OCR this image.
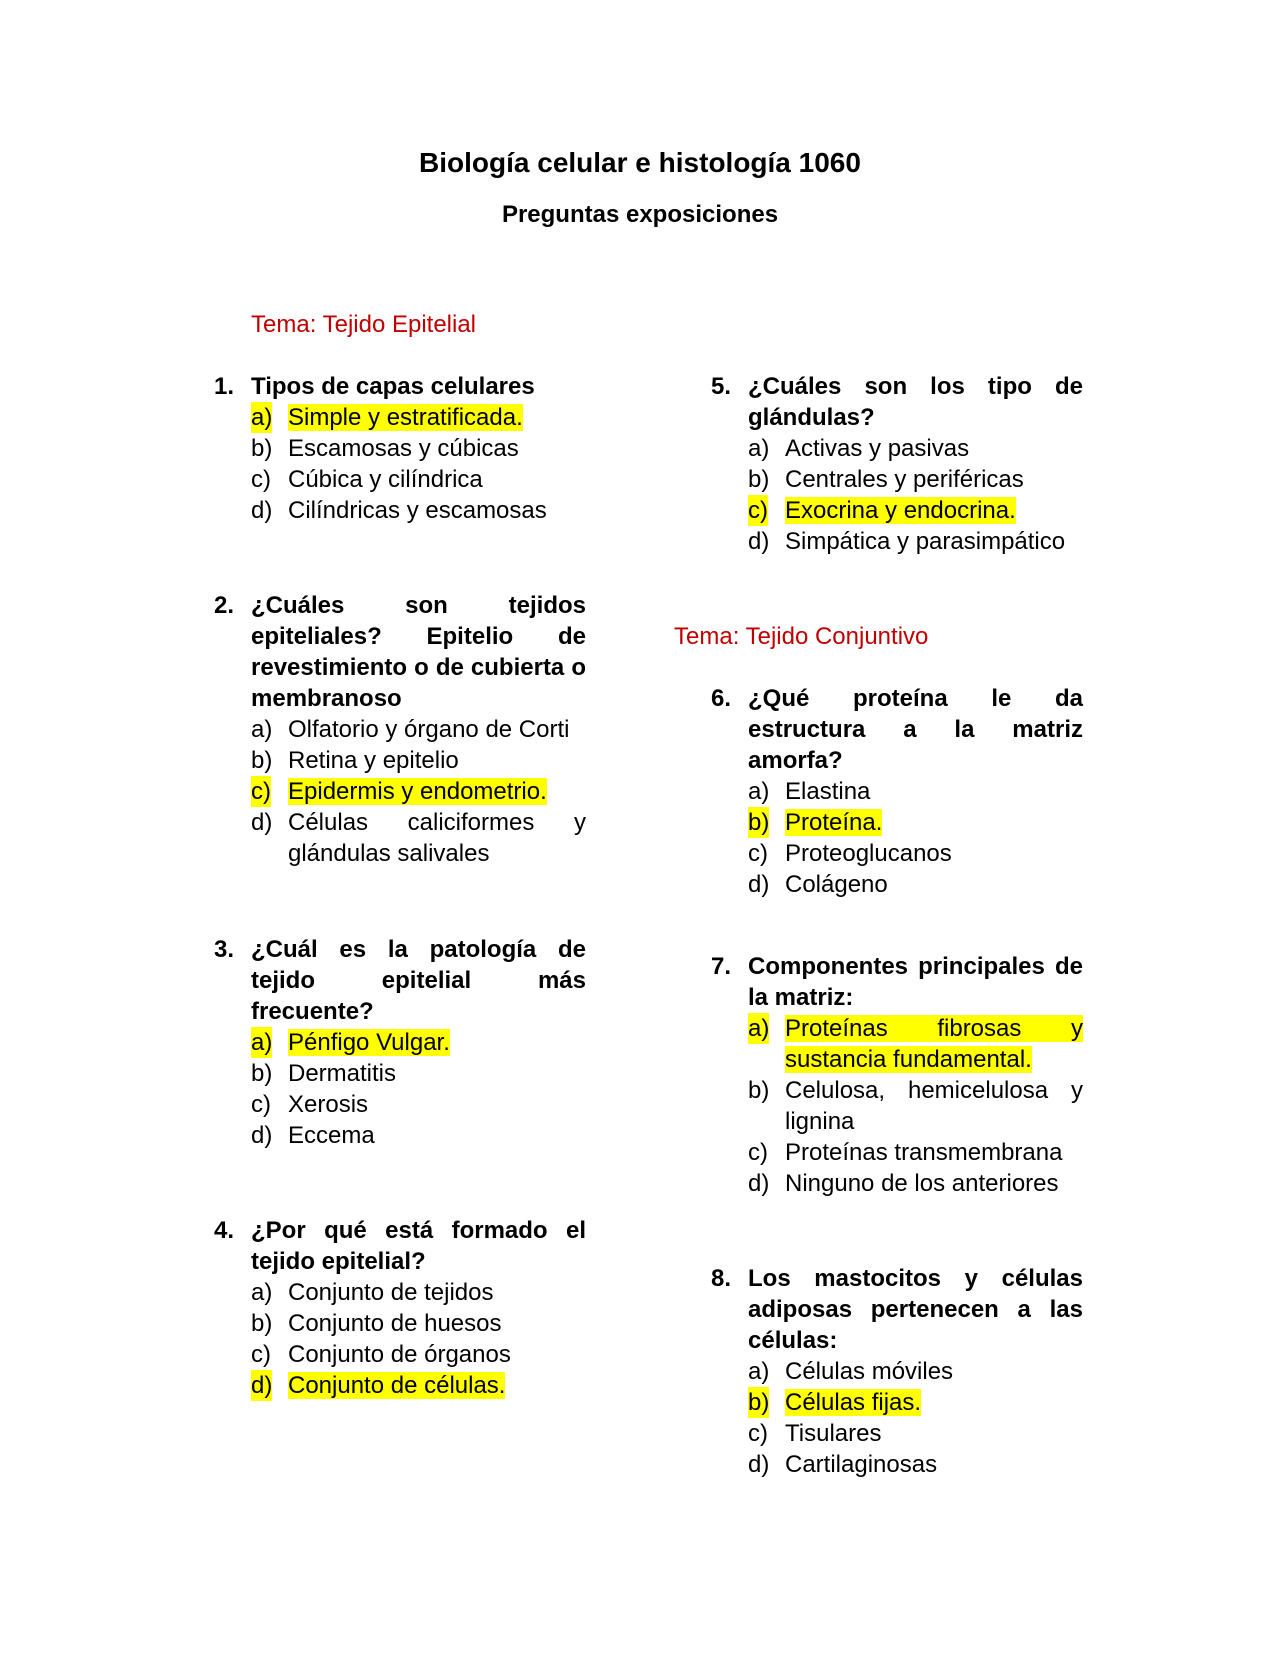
Biología celular e histología 1060
Preguntas exposiciones
Tema: Tejido Epitelial
Tema: Tejido Conjuntivo
1. Tipos de capas celulares
a) Simple y estratificada.
b) Escamosas y cúbicas
c) Cúbica y cilíndrica
d) Cilíndricas y escamosas
2. ¿Cuáles son tejidos epiteliales? Epitelio de revestimiento o de cubierta o membranoso
a) Olfatorio y órgano de Corti
b) Retina y epitelio
c) Epidermis y endometrio.
d) Células caliciformes y glándulas salivales
3. ¿Cuál es la patología de tejido epitelial más frecuente?
a) Pénfigo Vulgar.
b) Dermatitis
c) Xerosis
d) Eccema
4. ¿Por qué está formado el tejido epitelial?
a) Conjunto de tejidos
b) Conjunto de huesos
c) Conjunto de órganos
d) Conjunto de células.
5. ¿Cuáles son los tipo de glándulas?
a) Activas y pasivas
b) Centrales y periféricas
c) Exocrina y endocrina.
d) Simpática y parasimpático
6. ¿Qué proteína le da estructura a la matriz amorfa?
a) Elastina
b) Proteína.
c) Proteoglucanos
d) Colágeno
7. Componentes principales de la matriz:
a) Proteínas fibrosas y sustancia fundamental.
b) Celulosa, hemicelulosa y lignina
c) Proteínas transmembrana
d) Ninguno de los anteriores
8. Los mastocitos y células adiposas pertenecen a las células:
a) Células móviles
b) Células fijas.
c) Tisulares
d) Cartilaginosas
